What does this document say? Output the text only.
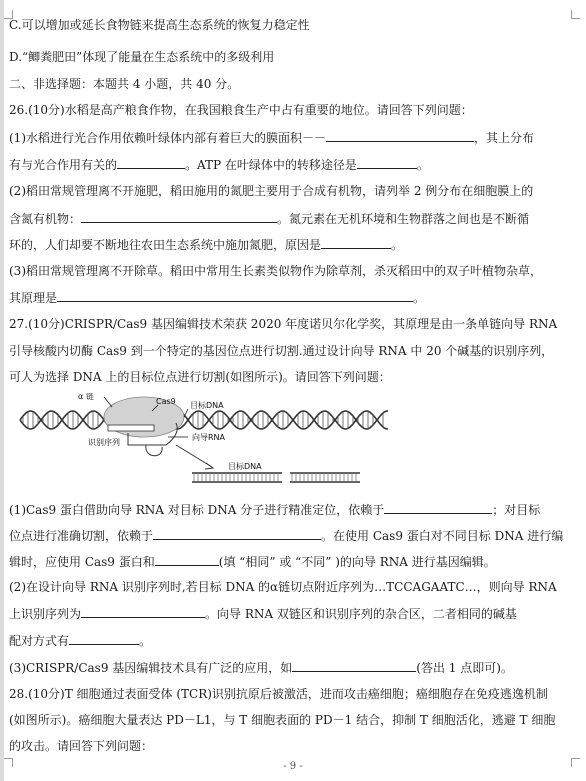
C.可以增加或延长食物链来提高生态系统的恢复力稳定性
D.“鲫粪肥田”体现了能量在生态系统中的多级利用
二、非选择题：本题共 4 小题，共 40 分。
26.(10分)水稻是高产粮食作物，在我国粮食生产中占有重要的地位。请回答下列问题：
(1)水稻进行光合作用依赖叶绿体内部有着巨大的膜面积－－	，其上分布
有与光合作用有关的	。ATP 在叶绿体中的转移途径是	。
(2)稻田常规管理离不开施肥，稻田施用的氮肥主要用于合成有机物，请列举 2 例分布在细胞膜上的
含氮有机物：	。氮元素在无机环境和生物群落之间也是不断循
环的，人们却要不断地往农田生态系统中施加氮肥，原因是	。
(3)稻田常规管理离不开除草。稻田中常用生长素类似物作为除草剂，杀灭稻田中的双子叶植物杂草，
其原理是	。
27.(10分)CRISPR/Cas9 基因编辑技术荣获 2020 年度诺贝尔化学奖，其原理是由一条单链向导 RNA
引导核酸内切酶 Cas9 到一个特定的基因位点进行切割.通过设计向导 RNA 中 20 个碱基的识别序列，
可人为选择 DNA 上的目标位点进行切割(如图所示)。请回答下列问题：
α 链
Cas9 目标DNA
向导RNA
识别序列
目标DNA
(1)Cas9 蛋白借助向导 RNA 对目标 DNA 分子进行精准定位，依赖于	；对目标
位点进行准确切割，依赖于	。在使用 Cas9 蛋白对不同目标 DNA 进行编
辑时，应使用 Cas9 蛋白和	(填 “相同” 或 “不同” )的向导 RNA 进行基因编辑。
(2)在设计向导 RNA 识别序列时,若目标 DNA 的α链切点附近序列为…TCCAGAATC…，则向导 RNA
上识别序列为	。向导 RNA 双链区和识别序列的杂合区，二者相同的碱基
配对方式有	。
(3)CRISPR/Cas9 基因编辑技术具有广泛的应用，如	(答出 1 点即可)。
28.(10分)T 细胞通过表面受体 (TCR)识别抗原后被激活，进而攻击癌细胞；癌细胞存在免疫逃逸机制
(如图所示)。癌细胞大量表达 PD－L1，与 T 细胞表面的 PD－1 结合，抑制 T 细胞活化，逃避 T 细胞
的攻击。请回答下列问题：
- 9 -
